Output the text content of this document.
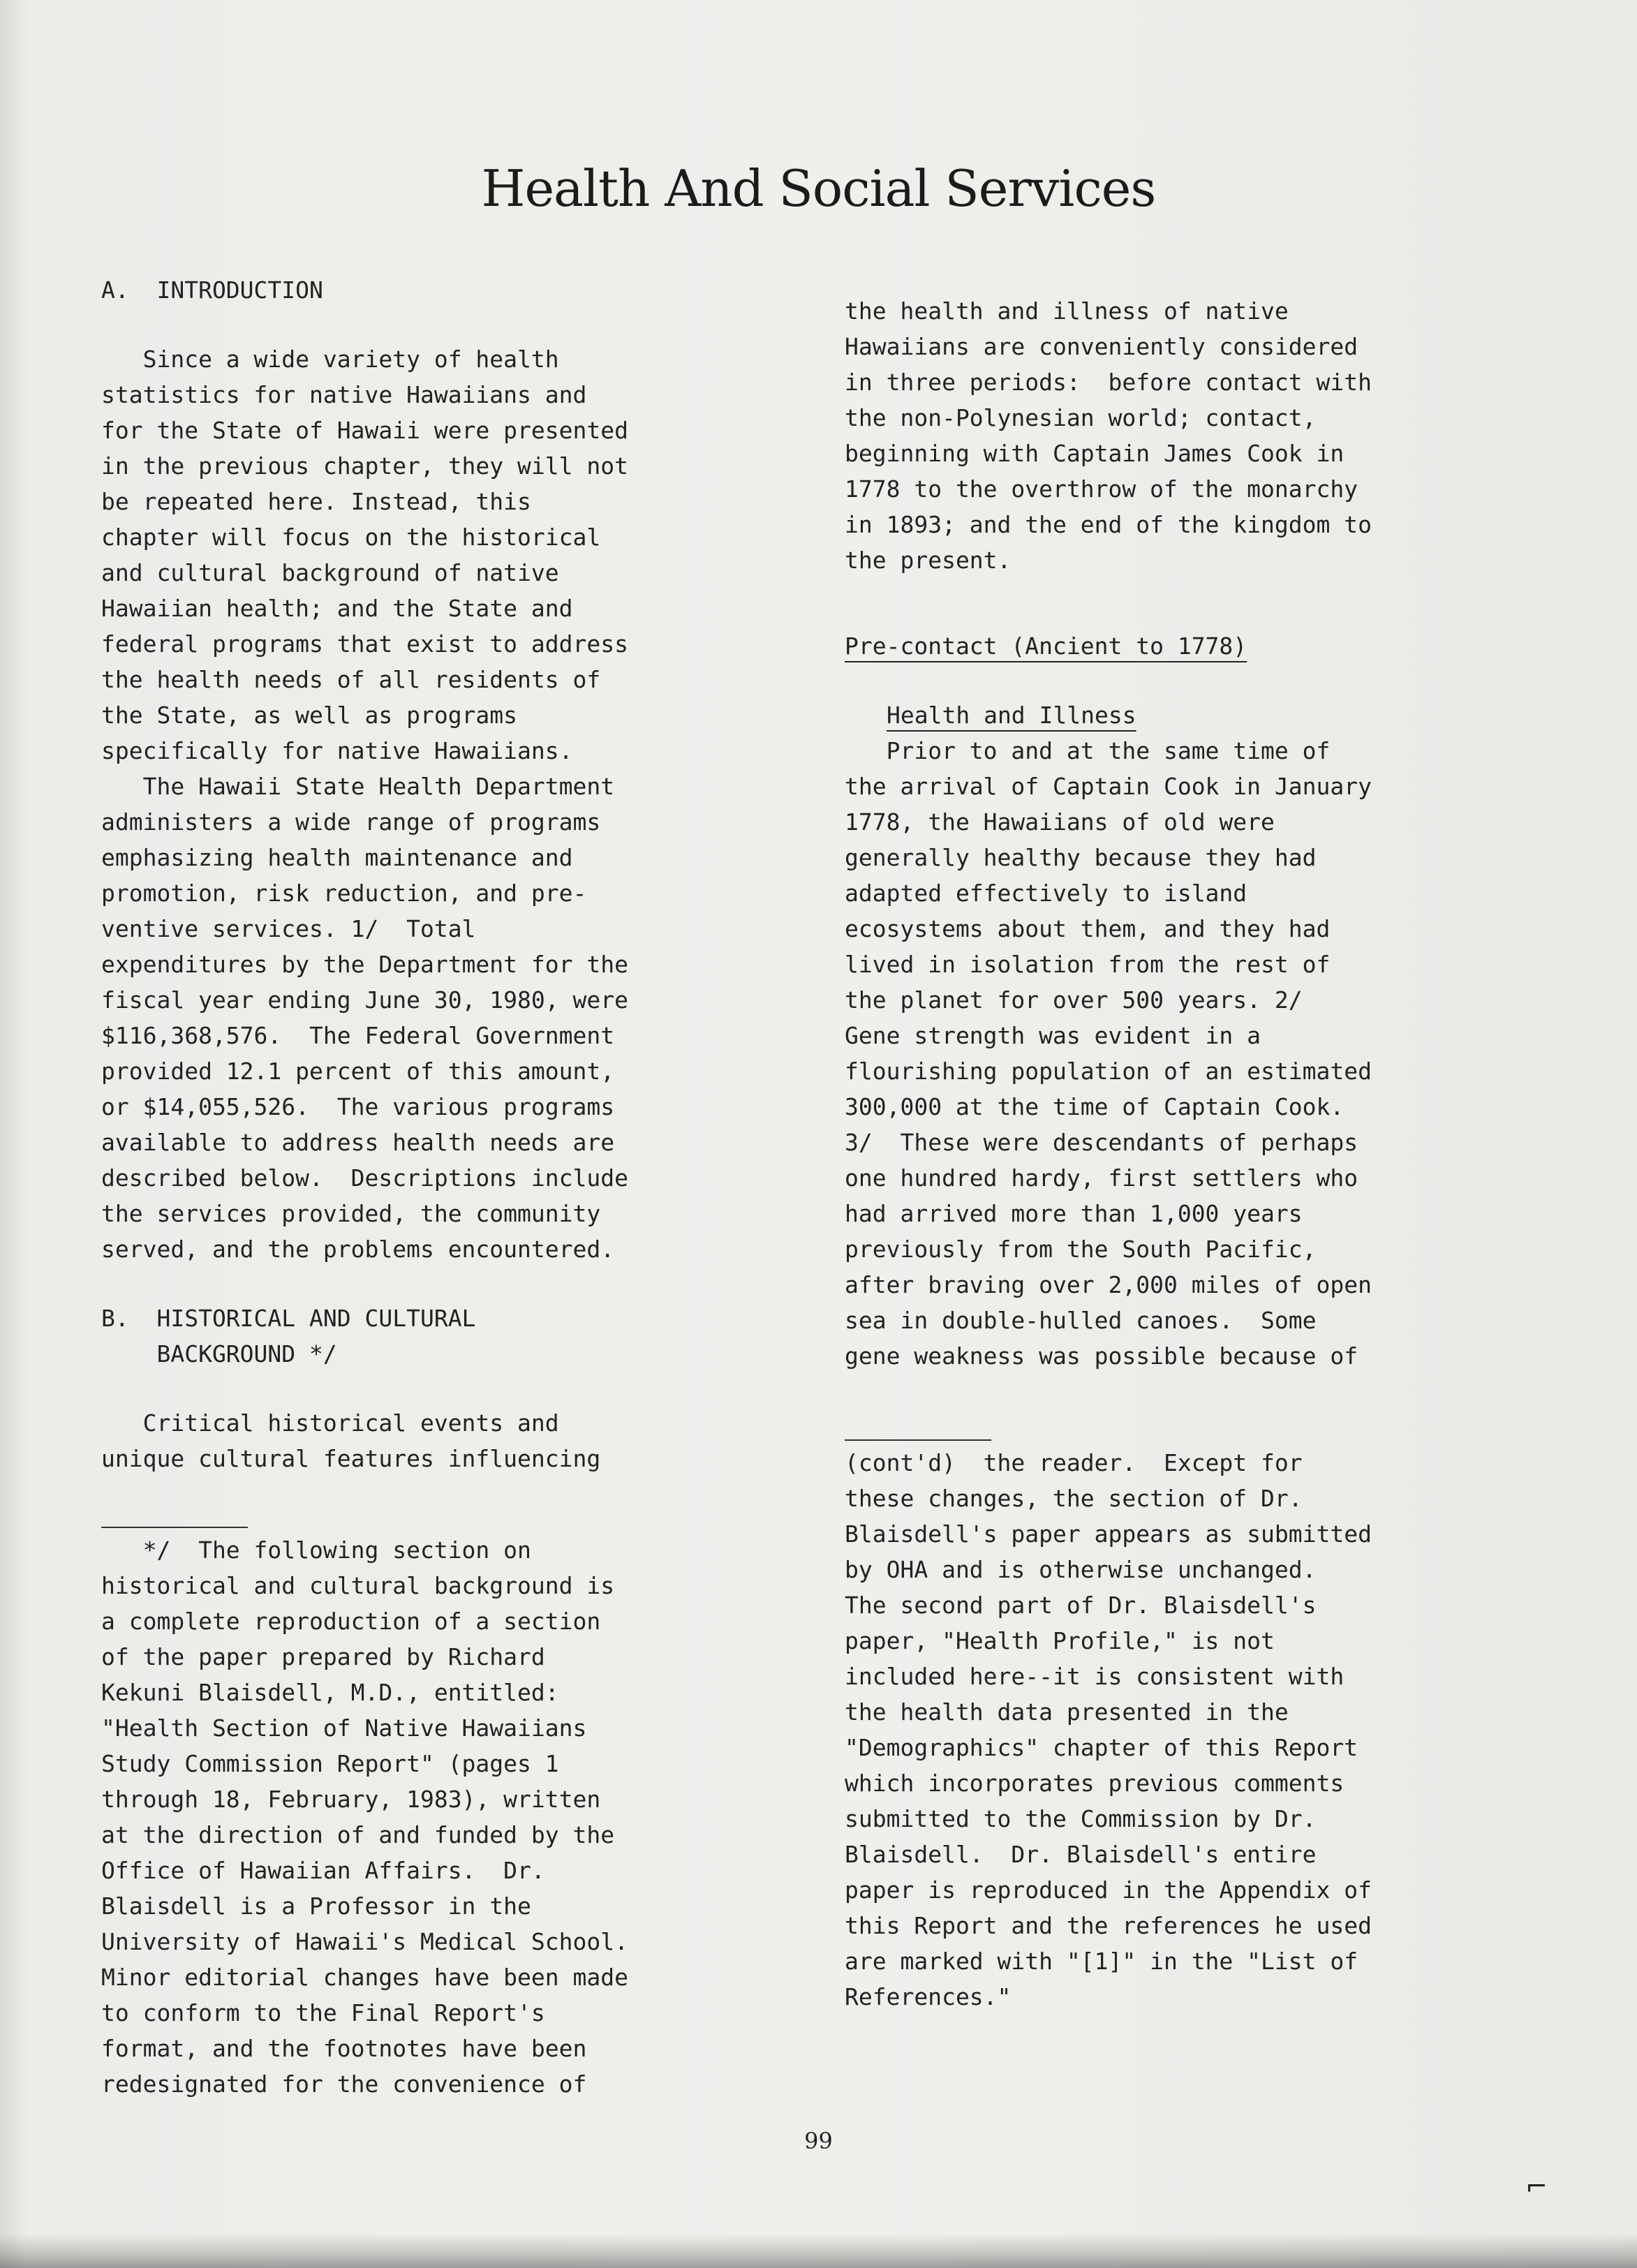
Health And Social Services
A.  INTRODUCTION
Since a wide variety of health
statistics for native Hawaiians and
for the State of Hawaii were presented
in the previous chapter, they will not
be repeated here. Instead, this
chapter will focus on the historical
and cultural background of native
Hawaiian health; and the State and
federal programs that exist to address
the health needs of all residents of
the State, as well as programs
specifically for native Hawaiians.
The Hawaii State Health Department
administers a wide range of programs
emphasizing health maintenance and
promotion, risk reduction, and pre-
ventive services. 1/  Total
expenditures by the Department for the
fiscal year ending June 30, 1980, were
$116,368,576.  The Federal Government
provided 12.1 percent of this amount,
or $14,055,526.  The various programs
available to address health needs are
described below.  Descriptions include
the services provided, the community
served, and the problems encountered.
B.  HISTORICAL AND CULTURAL
BACKGROUND */
Critical historical events and
unique cultural features influencing
*/  The following section on
historical and cultural background is
a complete reproduction of a section
of the paper prepared by Richard
Kekuni Blaisdell, M.D., entitled:
"Health Section of Native Hawaiians
Study Commission Report" (pages 1
through 18, February, 1983), written
at the direction of and funded by the
Office of Hawaiian Affairs.  Dr.
Blaisdell is a Professor in the
University of Hawaii's Medical School.
Minor editorial changes have been made
to conform to the Final Report's
format, and the footnotes have been
redesignated for the convenience of
the health and illness of native
Hawaiians are conveniently considered
in three periods:  before contact with
the non-Polynesian world; contact,
beginning with Captain James Cook in
1778 to the overthrow of the monarchy
in 1893; and the end of the kingdom to
the present.
Pre-contact (Ancient to 1778)
Health and Illness
Prior to and at the same time of
the arrival of Captain Cook in January
1778, the Hawaiians of old were
generally healthy because they had
adapted effectively to island
ecosystems about them, and they had
lived in isolation from the rest of
the planet for over 500 years. 2/
Gene strength was evident in a
flourishing population of an estimated
300,000 at the time of Captain Cook.
3/  These were descendants of perhaps
one hundred hardy, first settlers who
had arrived more than 1,000 years
previously from the South Pacific,
after braving over 2,000 miles of open
sea in double-hulled canoes.  Some
gene weakness was possible because of
(cont'd)  the reader.  Except for
these changes, the section of Dr.
Blaisdell's paper appears as submitted
by OHA and is otherwise unchanged.
The second part of Dr. Blaisdell's
paper, "Health Profile," is not
included here--it is consistent with
the health data presented in the
"Demographics" chapter of this Report
which incorporates previous comments
submitted to the Commission by Dr.
Blaisdell.  Dr. Blaisdell's entire
paper is reproduced in the Appendix of
this Report and the references he used
are marked with "[1]" in the "List of
References."
99
⌐
